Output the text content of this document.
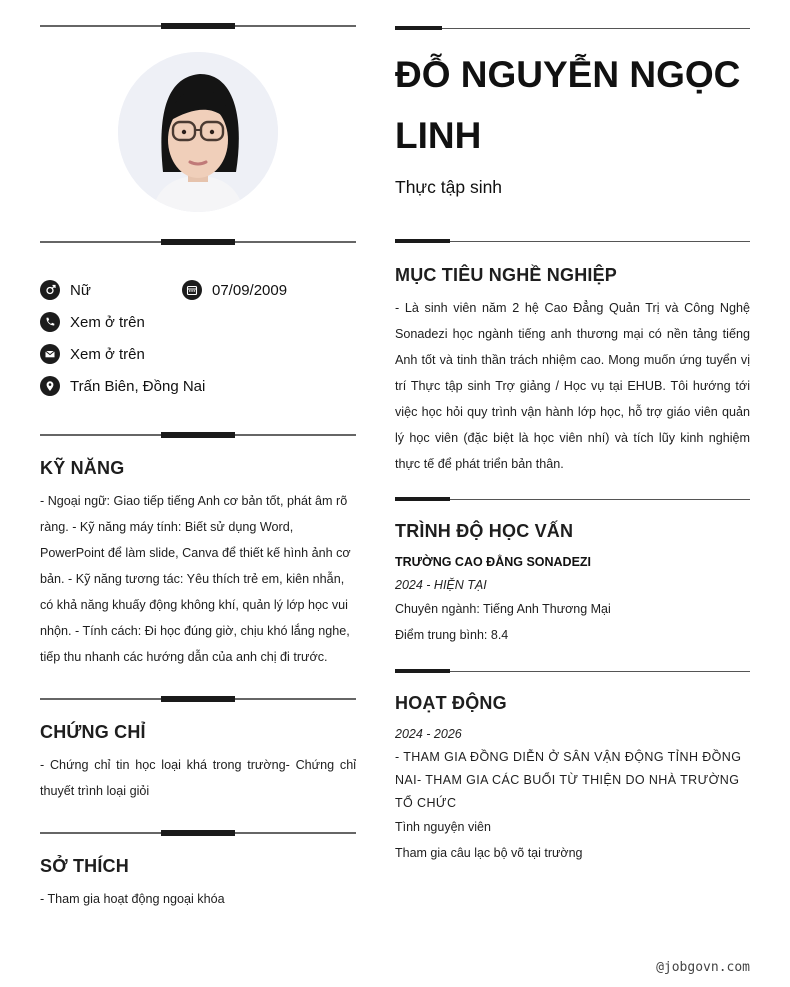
Nữ	07/09/2009
Xem ở trên
Xem ở trên
Trấn Biên, Đồng Nai
KỸ NĂNG
- Ngoại ngữ: Giao tiếp tiếng Anh cơ bản tốt, phát âm rõ ràng. - Kỹ năng máy tính: Biết sử dụng Word, PowerPoint để làm slide, Canva để thiết kế hình ảnh cơ bản. - Kỹ năng tương tác: Yêu thích trẻ em, kiên nhẫn, có khả năng khuấy động không khí, quản lý lớp học vui nhộn. - Tính cách: Đi học đúng giờ, chịu khó lắng nghe, tiếp thu nhanh các hướng dẫn của anh chị đi trước.
CHỨNG CHỈ
- Chứng chỉ tin học loại khá trong trường- Chứng chỉ thuyết trình loại giỏi
SỞ THÍCH
- Tham gia hoạt động ngoại khóa
ĐỖ NGUYỄN NGỌC LINH
Thực tập sinh
MỤC TIÊU NGHỀ NGHIỆP
- Là sinh viên năm 2 hệ Cao Đẳng Quản Trị và Công Nghệ Sonadezi học ngành tiếng anh thương mại có nền tảng tiếng Anh tốt và tinh thần trách nhiệm cao. Mong muốn ứng tuyển vị trí Thực tập sinh Trợ giảng / Học vụ tại EHUB. Tôi hướng tới việc học hỏi quy trình vận hành lớp học, hỗ trợ giáo viên quản lý học viên (đặc biệt là học viên nhí) và tích lũy kinh nghiệm thực tế để phát triển bản thân.
TRÌNH ĐỘ HỌC VẤN
TRƯỜNG CAO ĐẲNG SONADEZI
2024 - HIỆN TẠI
Chuyên ngành: Tiếng Anh Thương Mại
Điểm trung bình: 8.4
HOẠT ĐỘNG
2024 - 2026
- THAM GIA ĐỒNG DIỄN Ở SÂN VẬN ĐỘNG TỈNH ĐỒNG NAI- THAM GIA CÁC BUỔI TỪ THIỆN DO NHÀ TRƯỜNG TỔ CHỨC
Tình nguyện viên
Tham gia câu lạc bộ võ tại trường
@jobgovn.com
